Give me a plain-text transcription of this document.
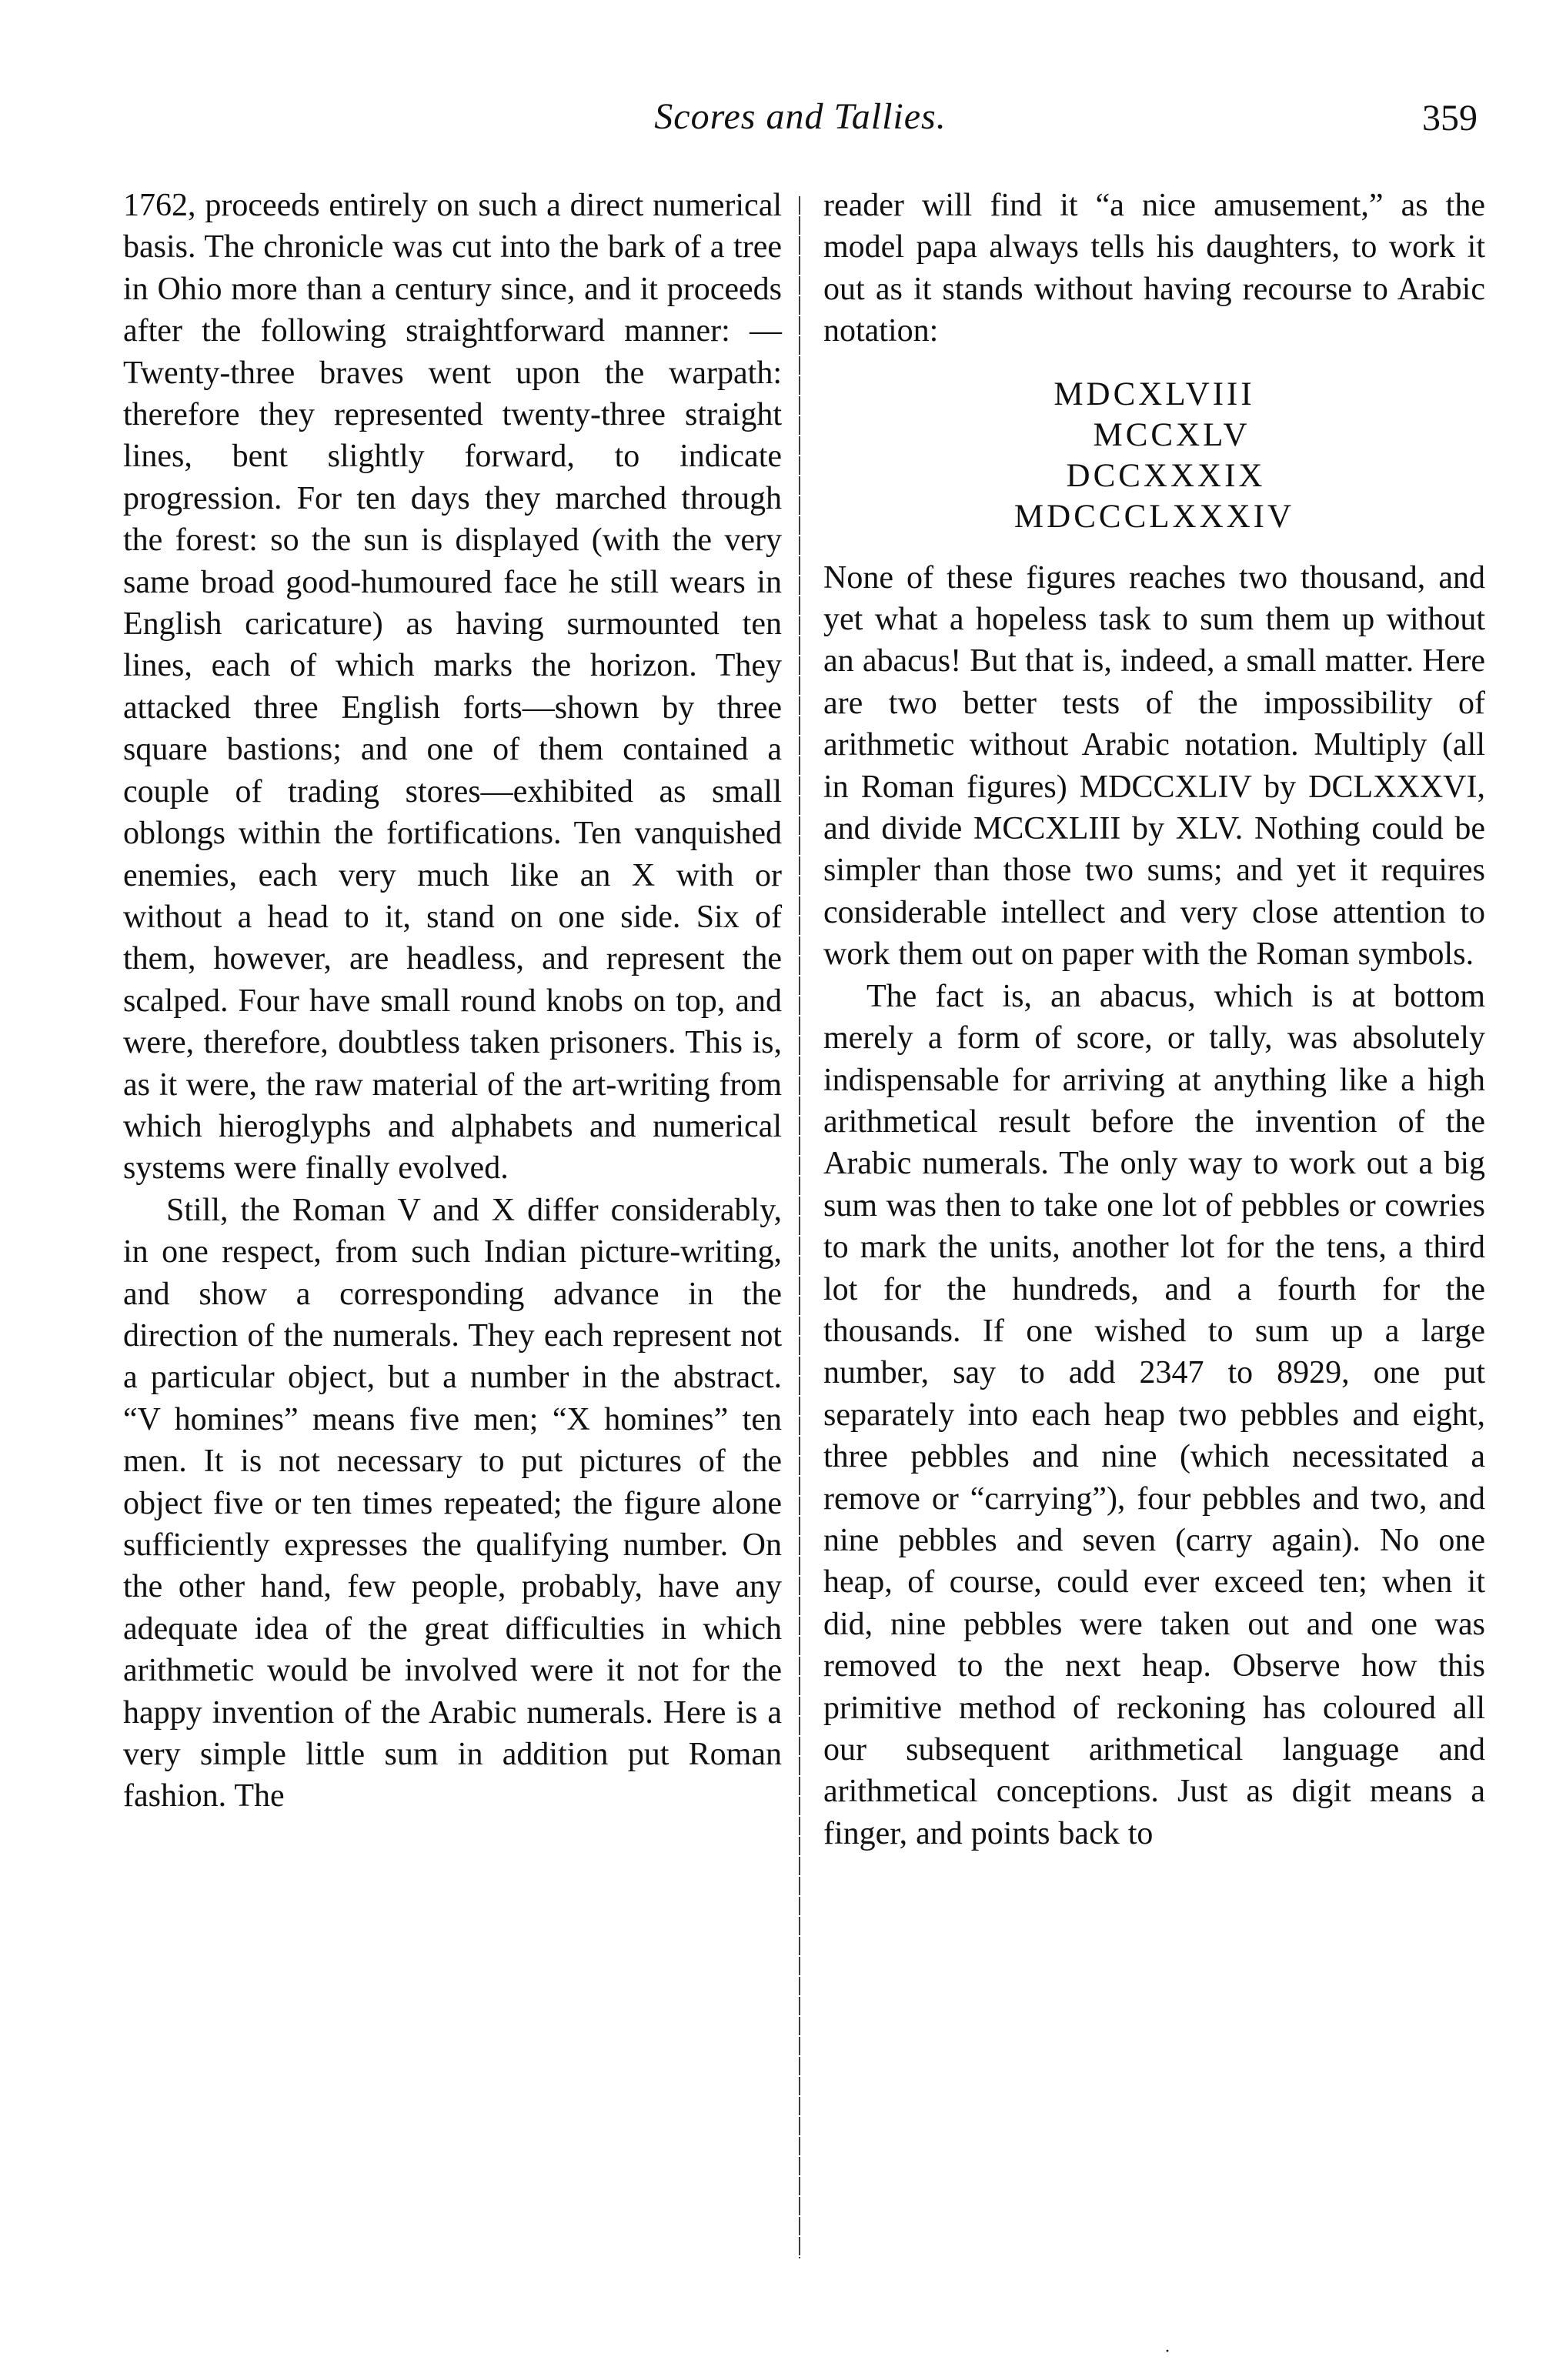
Scores and Tallies.	359

1762, proceeds entirely on such a direct numerical basis. The chronicle was cut into the bark of a tree in Ohio more than a century since, and it proceeds after the following straightforward manner: — Twenty-three braves went upon the warpath: therefore they represented twenty-three straight lines, bent slightly forward, to indicate progression. For ten days they marched through the forest: so the sun is displayed (with the very same broad good-humoured face he still wears in English caricature) as having surmounted ten lines, each of which marks the horizon. They attacked three English forts—shown by three square bastions; and one of them contained a couple of trading stores—exhibited as small oblongs within the fortifications. Ten vanquished enemies, each very much like an X with or without a head to it, stand on one side. Six of them, however, are headless, and represent the scalped. Four have small round knobs on top, and were, therefore, doubtless taken prisoners. This is, as it were, the raw material of the art-writing from which hieroglyphs and alphabets and numerical systems were finally evolved.

Still, the Roman V and X differ considerably, in one respect, from such Indian picture-writing, and show a corresponding advance in the direction of the numerals. They each represent not a particular object, but a number in the abstract. “V homines” means five men; “X homines” ten men. It is not necessary to put pictures of the object five or ten times repeated; the figure alone sufficiently expresses the qualifying number. On the other hand, few people, probably, have any adequate idea of the great difficulties in which arithmetic would be involved were it not for the happy invention of the Arabic numerals. Here is a very simple little sum in addition put Roman fashion. The

reader will find it “a nice amusement,” as the model papa always tells his daughters, to work it out as it stands without having recourse to Arabic notation:

MDCXLVIII
MCCXLV
DCCXXXIX
MDCCCLXXXIV

None of these figures reaches two thousand, and yet what a hopeless task to sum them up without an abacus! But that is, indeed, a small matter. Here are two better tests of the impossibility of arithmetic without Arabic notation. Multiply (all in Roman figures) MDCCXLIV by DCLXXXVI, and divide MCCXLIII by XLV. Nothing could be simpler than those two sums; and yet it requires considerable intellect and very close attention to work them out on paper with the Roman symbols.

The fact is, an abacus, which is at bottom merely a form of score, or tally, was absolutely indispensable for arriving at anything like a high arithmetical result before the invention of the Arabic numerals. The only way to work out a big sum was then to take one lot of pebbles or cowries to mark the units, another lot for the tens, a third lot for the hundreds, and a fourth for the thousands. If one wished to sum up a large number, say to add 2347 to 8929, one put separately into each heap two pebbles and eight, three pebbles and nine (which necessitated a remove or “carrying”), four pebbles and two, and nine pebbles and seven (carry again). No one heap, of course, could ever exceed ten; when it did, nine pebbles were taken out and one was removed to the next heap. Observe how this primitive method of reckoning has coloured all our subsequent arithmetical language and arithmetical conceptions. Just as digit means a finger, and points back to

·
